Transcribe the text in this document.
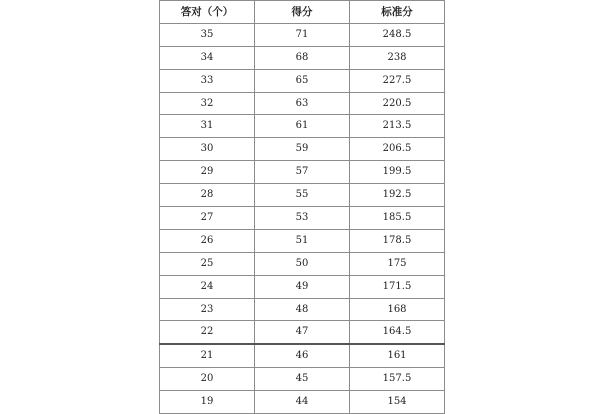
答对（个）	得分	标准分
35	71	248.5
34	68	238
33	65	227.5
32	63	220.5
31	61	213.5
30	59	206.5
29	57	199.5
28	55	192.5
27	53	185.5
26	51	178.5
25	50	175
24	49	171.5
23	48	168
22	47	164.5
21	46	161
20	45	157.5
19	44	154
